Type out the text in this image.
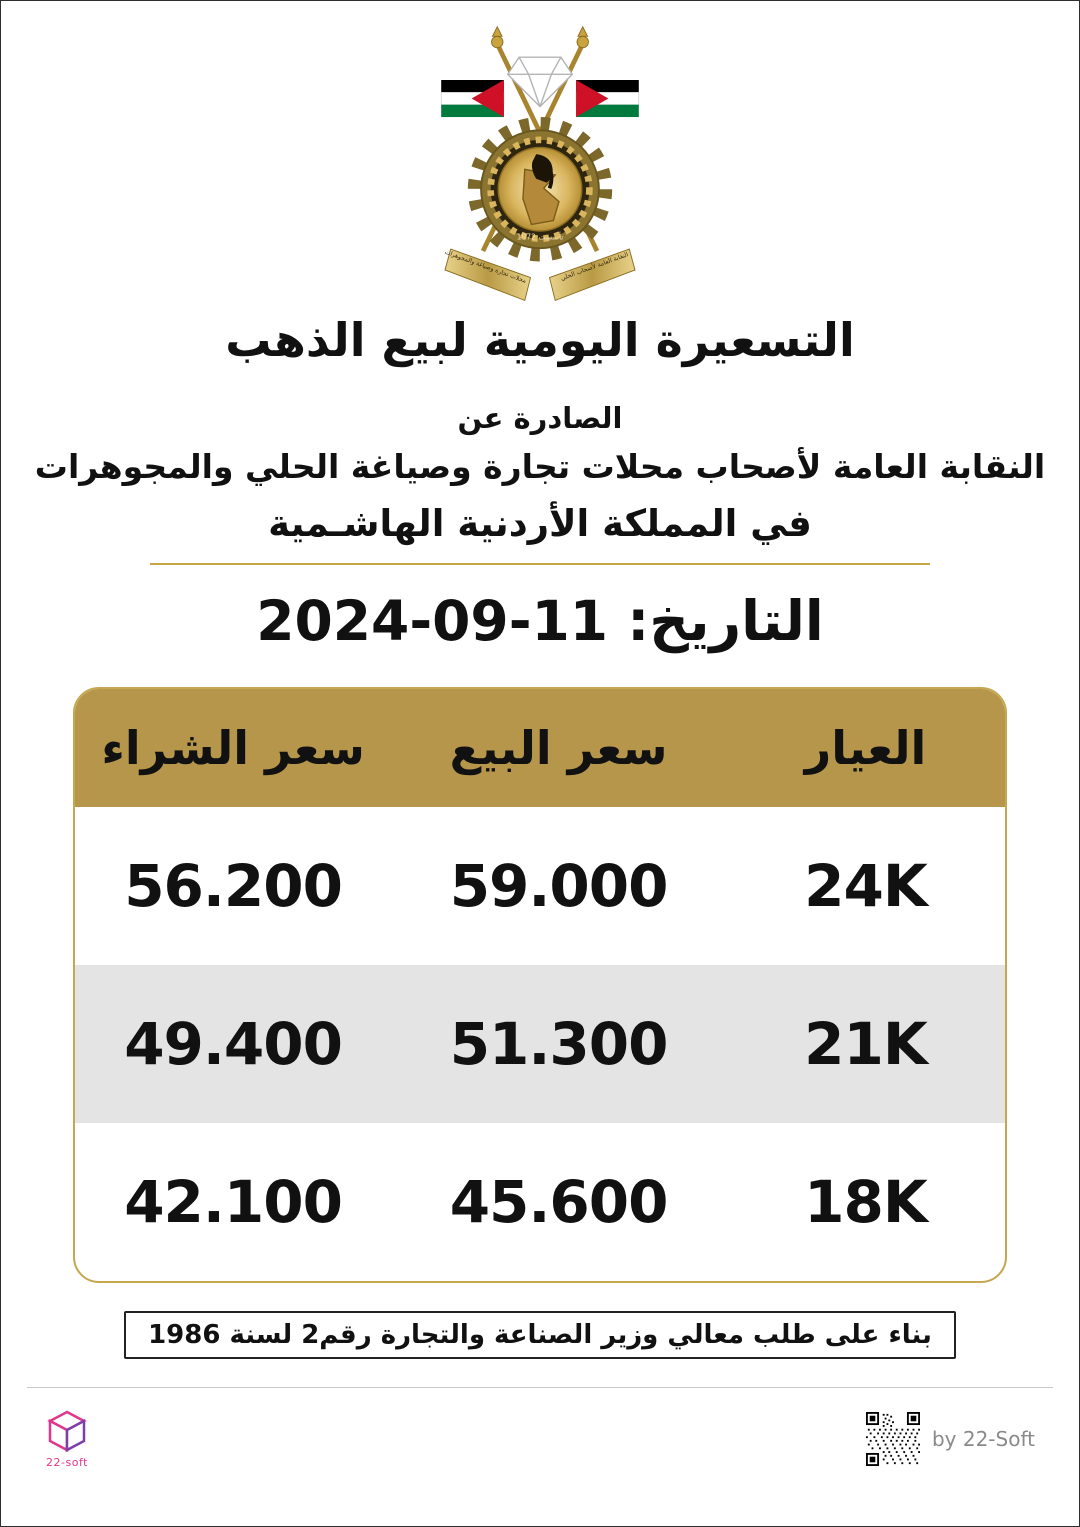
تأسست 1972
محلات تجارة وصياغة والمجوهرات	النقابة العامة لأصحاب الحلي
التسعيرة اليومية لبيع الذهب
الصادرة عن
النقابة العامة لأصحاب محلات تجارة وصياغة الحلي والمجوهرات
في المملكة الأردنية الهاشـمية
التاريخ: 11-09-2024
العيار
سعر البيع
سعر الشراء
24K
59.000
56.200
21K
51.300
49.400
18K
45.600
42.100
بناء على طلب معالي وزير الصناعة والتجارة رقم2 لسنة 1986
22-soft
by 22-Soft
